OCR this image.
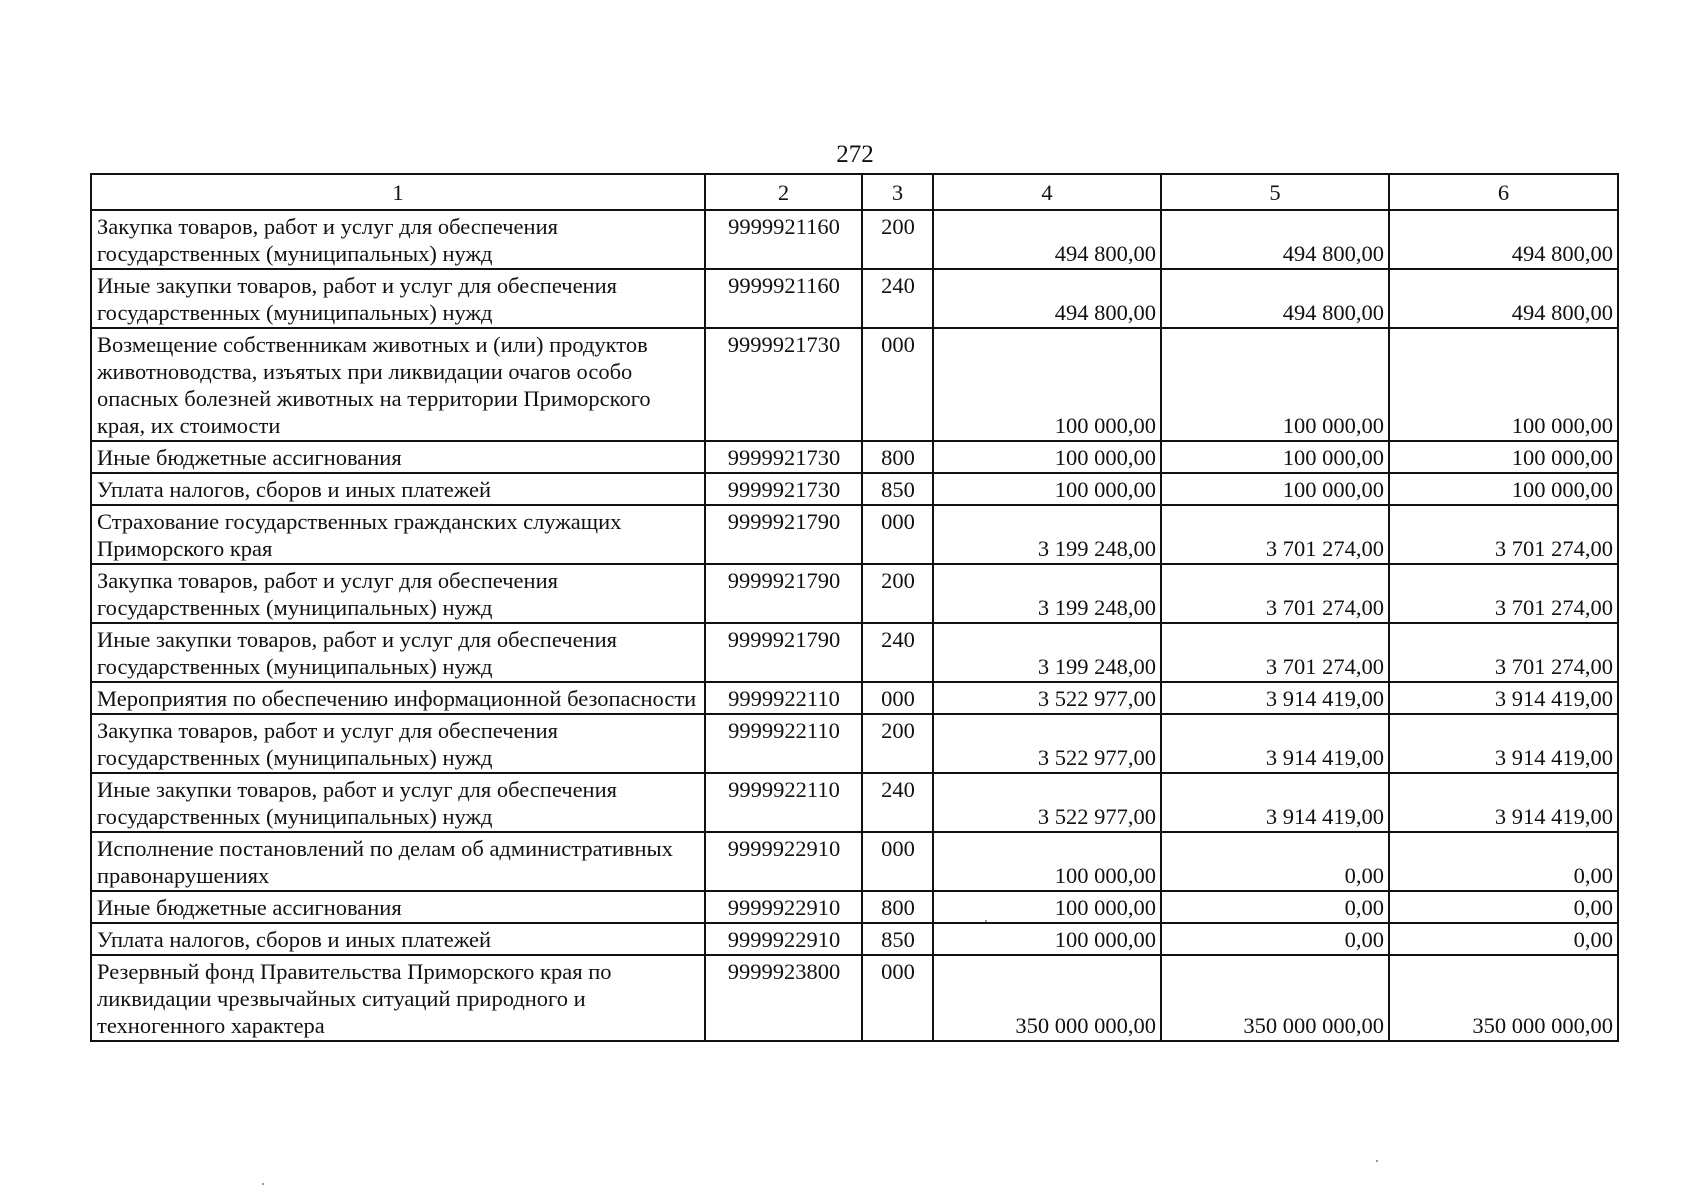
272
1	2	3	4	5	6
Закупка товаров, работ и услуг для обеспечения государственных (муниципальных) нужд	9999921160	200	494 800,00	494 800,00	494 800,00
Иные закупки товаров, работ и услуг для обеспечения государственных (муниципальных) нужд	9999921160	240	494 800,00	494 800,00	494 800,00
Возмещение собственникам животных и (или) продуктов животноводства, изъятых при ликвидации очагов особо опасных болезней животных на территории Приморского края, их стоимости	9999921730	000	100 000,00	100 000,00	100 000,00
Иные бюджетные ассигнования	9999921730	800	100 000,00	100 000,00	100 000,00
Уплата налогов, сборов и иных платежей	9999921730	850	100 000,00	100 000,00	100 000,00
Страхование государственных гражданских служащих Приморского края	9999921790	000	3 199 248,00	3 701 274,00	3 701 274,00
Закупка товаров, работ и услуг для обеспечения государственных (муниципальных) нужд	9999921790	200	3 199 248,00	3 701 274,00	3 701 274,00
Иные закупки товаров, работ и услуг для обеспечения государственных (муниципальных) нужд	9999921790	240	3 199 248,00	3 701 274,00	3 701 274,00
Мероприятия по обеспечению информационной безопасности	9999922110	000	3 522 977,00	3 914 419,00	3 914 419,00
Закупка товаров, работ и услуг для обеспечения государственных (муниципальных) нужд	9999922110	200	3 522 977,00	3 914 419,00	3 914 419,00
Иные закупки товаров, работ и услуг для обеспечения государственных (муниципальных) нужд	9999922110	240	3 522 977,00	3 914 419,00	3 914 419,00
Исполнение постановлений по делам об административных правонарушениях	9999922910	000	100 000,00	0,00	0,00
Иные бюджетные ассигнования	9999922910	800	100 000,00	0,00	0,00
Уплата налогов, сборов и иных платежей	9999922910	850	100 000,00	0,00	0,00
Резервный фонд Правительства Приморского края по ликвидации чрезвычайных ситуаций природного и техногенного характера	9999923800	000	350 000 000,00	350 000 000,00	350 000 000,00
